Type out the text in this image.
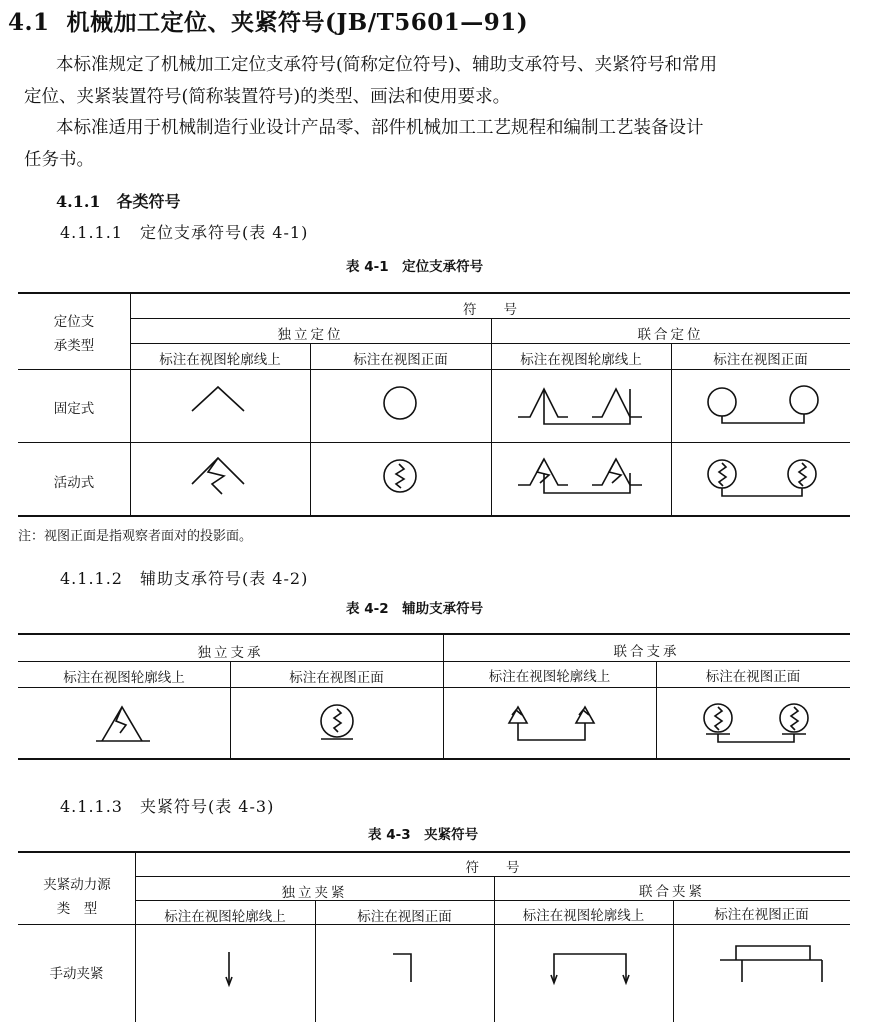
4.1 机械加工定位、夹紧符号(JB/T5601—91)
本标准规定了机械加工定位支承符号(简称定位符号)、辅助支承符号、夹紧符号和常用
定位、夹紧装置符号(简称装置符号)的类型、画法和使用要求。
本标准适用于机械制造行业设计产品零、部件机械加工工艺规程和编制工艺装备设计
任务书。
4.1.1　各类符号
4.1.1.1　定位支承符号(表 4-1)
表 4-1　定位支承符号
定位支
承类型
符　　号
独立定位	联合定位
标注在视图轮廓线上	标注在视图正面	标注在视图轮廓线上	标注在视图正面
固定式
活动式
注：视图正面是指观察者面对的投影面。
4.1.1.2　辅助支承符号(表 4-2)
表 4-2　辅助支承符号
独立支承	联合支承
标注在视图轮廓线上	标注在视图正面	标注在视图轮廓线上	标注在视图正面
4.1.1.3　夹紧符号(表 4-3)
表 4-3　夹紧符号
夹紧动力源
类　型
符　　号
独立夹紧	联合夹紧
标注在视图轮廓线上	标注在视图正面	标注在视图轮廓线上	标注在视图正面
手动夹紧
